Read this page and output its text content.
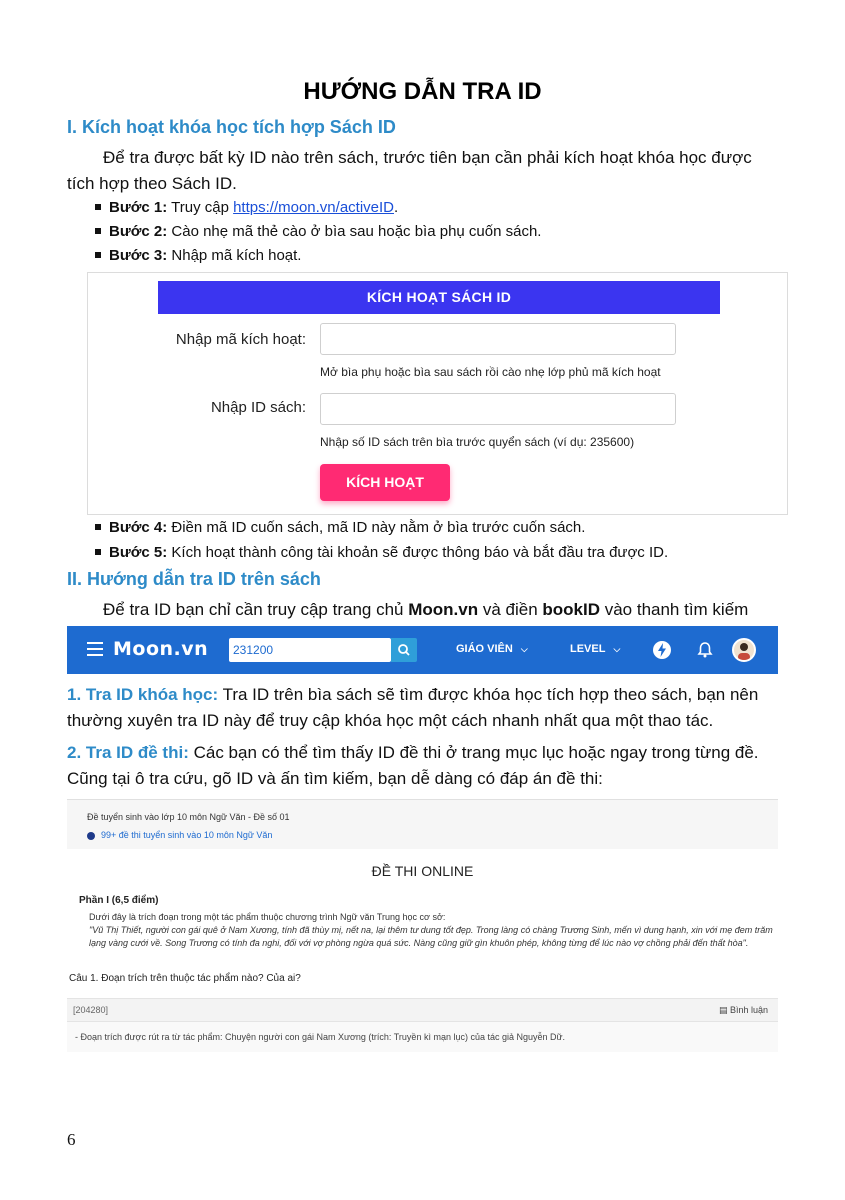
HƯỚNG DẪN TRA ID
I. Kích hoạt khóa học tích hợp Sách ID
Để tra được bất kỳ ID nào trên sách, trước tiên bạn cần phải kích hoạt khóa học được tích hợp theo Sách ID.
Bước 1: Truy cập https://moon.vn/activeID.
Bước 2: Cào nhẹ mã thẻ cào ở bìa sau hoặc bìa phụ cuốn sách.
Bước 3: Nhập mã kích hoạt.
KÍCH HOẠT SÁCH ID
Nhập mã kích hoạt:
Mở bìa phụ hoặc bìa sau sách rồi cào nhẹ lớp phủ mã kích hoạt
Nhập ID sách:
Nhập số ID sách trên bìa trước quyển sách (ví dụ: 235600)
KÍCH HOẠT
Bước 4: Điền mã ID cuốn sách, mã ID này nằm ở bìa trước cuốn sách.
Bước 5: Kích hoạt thành công tài khoản sẽ được thông báo và bắt đầu tra được ID.
II. Hướng dẫn tra ID trên sách
Để tra ID bạn chỉ cần truy cập trang chủ Moon.vn và điền bookID vào thanh tìm kiếm
Moon.vn	231200	GIÁO VIÊN ⌵	LEVEL ⌵
1. Tra ID khóa học: Tra ID trên bìa sách sẽ tìm được khóa học tích hợp theo sách, bạn nên thường xuyên tra ID này để truy cập khóa học một cách nhanh nhất qua một thao tác.
2. Tra ID đề thi: Các bạn có thể tìm thấy ID đề thi ở trang mục lục hoặc ngay trong từng đề. Cũng tại ô tra cứu, gõ ID và ấn tìm kiếm, bạn dễ dàng có đáp án đề thi:
Đề tuyển sinh vào lớp 10 môn Ngữ Văn - Đề số 01
99+ đề thi tuyển sinh vào 10 môn Ngữ Văn
ĐỀ THI ONLINE
Phần I (6,5 điểm)
Dưới đây là trích đoạn trong một tác phẩm thuộc chương trình Ngữ văn Trung học cơ sở:
"Vũ Thị Thiết, người con gái quê ở Nam Xương, tính đã thùy mị, nết na, lại thêm tư dung tốt đẹp. Trong làng có chàng Trương Sinh, mến vì dung hạnh, xin với mẹ đem trăm lạng vàng cưới về. Song Trương có tính đa nghi, đối với vợ phòng ngừa quá sức. Nàng cũng giữ gìn khuôn phép, không từng để lúc nào vợ chồng phải đến thất hòa".
Câu 1. Đoạn trích trên thuộc tác phẩm nào? Của ai?
[204280]	▤ Bình luận
- Đoạn trích được rút ra từ tác phẩm: Chuyện người con gái Nam Xương (trích: Truyền kì mạn lục) của tác giả Nguyễn Dữ.
6
